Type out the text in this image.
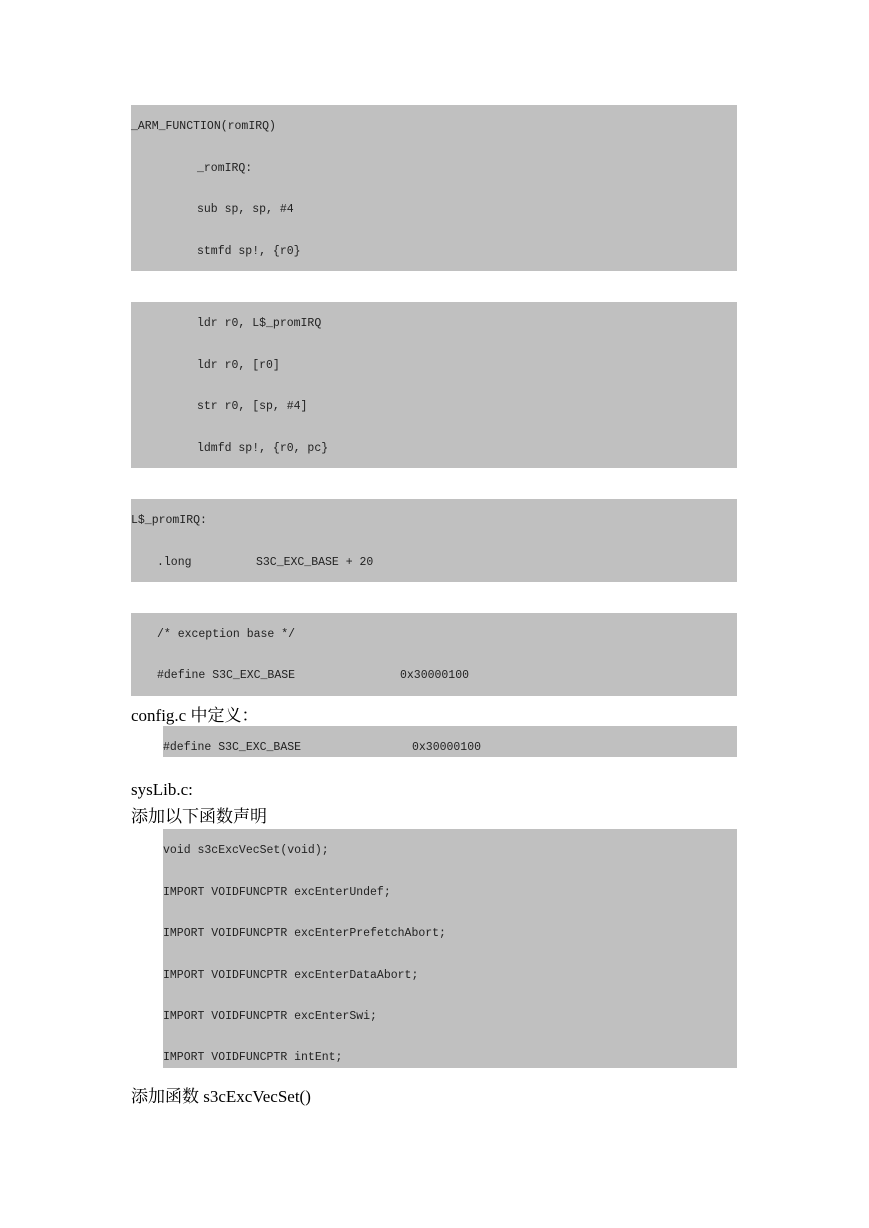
_ARM_FUNCTION(romIRQ)
_romIRQ:
sub sp, sp, #4
stmfd sp!, {r0}
ldr r0, L$_promIRQ
ldr r0, [r0]
str r0, [sp, #4]
ldmfd sp!, {r0, pc}
L$_promIRQ:
.long	S3C_EXC_BASE + 20
/* exception base */
#define S3C_EXC_BASE	0x30000100
config.c 中定义：
#define S3C_EXC_BASE	0x30000100
sysLib.c:
添加以下函数声明
void s3cExcVecSet(void);
IMPORT VOIDFUNCPTR excEnterUndef;
IMPORT VOIDFUNCPTR excEnterPrefetchAbort;
IMPORT VOIDFUNCPTR excEnterDataAbort;
IMPORT VOIDFUNCPTR excEnterSwi;
IMPORT VOIDFUNCPTR intEnt;
添加函数 s3cExcVecSet()
